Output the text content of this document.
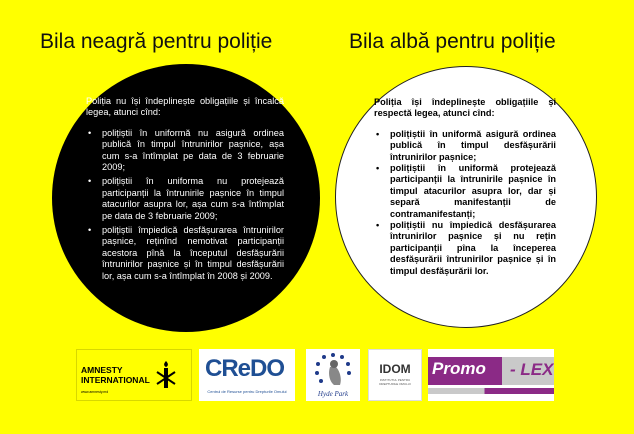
Bila neagră pentru poliție	Bila albă pentru poliție

Poliția nu își îndeplinește obligațiile și încalcă legea, atunci cînd:

• polițiștii în uniformă nu asigură ordinea publică în timpul întrunirilor pașnice, așa cum s-a întîmplat pe data de 3 februarie 2009;
• polițiștii în uniforma nu protejează participanții la întrunirile pașnice în timpul atacurilor asupra lor, așa cum s-a întîmplat pe data de 3 februarie 2009;
• polițiștii împiedică desfășurarea întrunirilor pașnice, reținînd nemotivat participanții acestora pînă la începutul desfășurării întrunirilor pașnice și în timpul desfășurării lor, așa cum s-a întîmplat în 2008 și 2009.

Poliția își îndeplinește obligațiile și respectă legea, atunci cînd:

• polițiștii în uniformă asigură ordinea publică în timpul desfășurării întrunirilor pașnice;
• polițiștii în uniformă protejează participanții la întrunirile pașnice în timpul atacurilor asupra lor, dar și separă manifestanții de contramanifestanți;
• polițiștii nu împiedică desfășurarea întrunirilor pașnice și nu rețin participanții pîna la începerea desfășurării întrunirilor pașnice și în timpul desfășurării lor.
AMNESTY INTERNATIONAL
www.amnesty.md
CReDO
Centrul de Resurse pentru Drepturile Omului	Hyde Park
IDOM
INSTITUTUL PENTRU DREPTURILE OMULUI
Promo - LEX
